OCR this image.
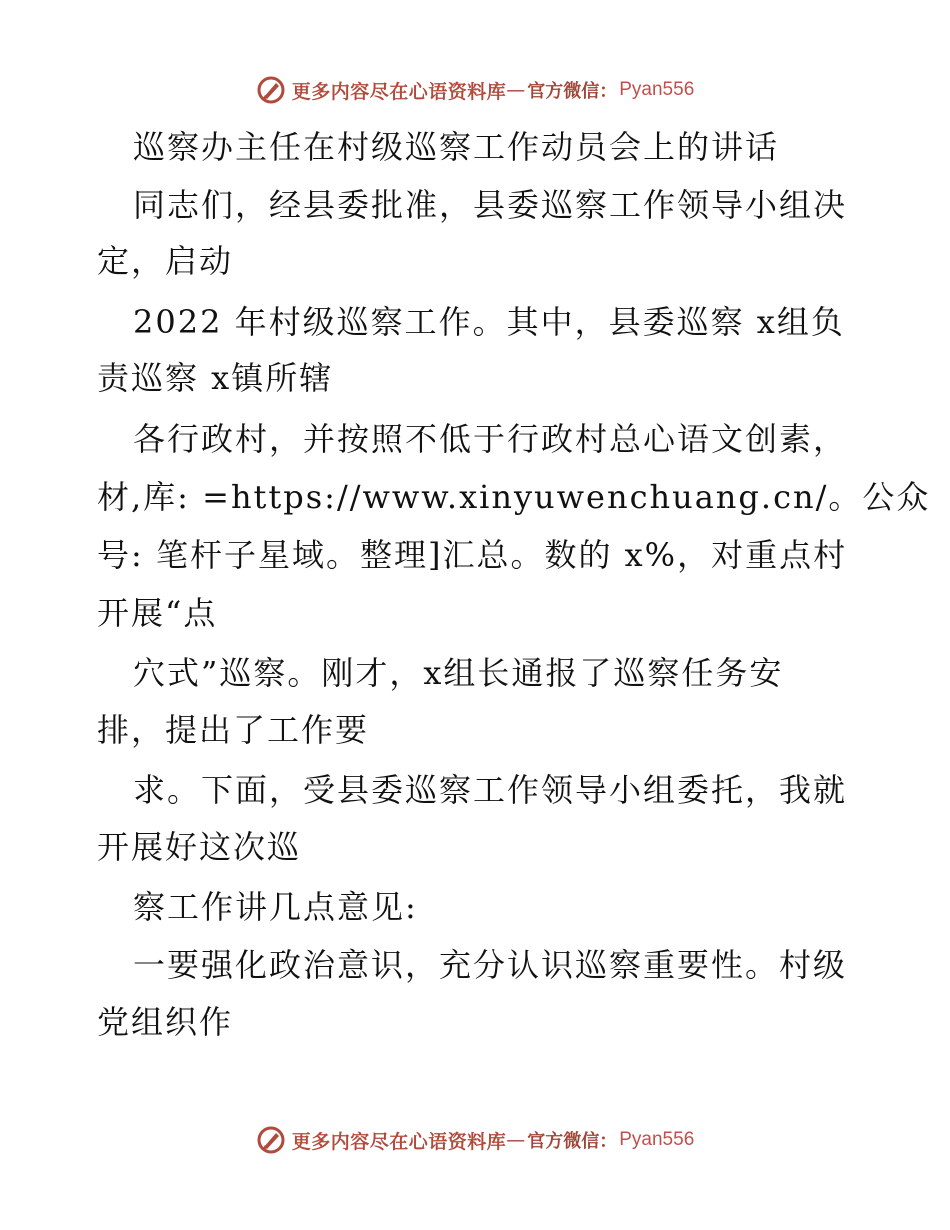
更多内容尽在心语资料库 — 官方微信： Pyan556
巡察办主任在村级巡察工作动员会上的讲话
同志们，经县委批准，县委巡察工作领导小组决
定，启动
2022 年村级巡察工作。其中，县委巡察 x组负
责巡察 x镇所辖
各行政村，并按照不低于行政村总心语文创素，
材,库: =https://www.xinyuwenchuang.cn/。公众
号: 笔杆子星域。整理]汇总。数的 x%，对重点村
开展“点
穴式”巡察。刚才，x组长通报了巡察任务安
排，提出了工作要
求。下面，受县委巡察工作领导小组委托，我就
开展好这次巡
察工作讲几点意见:
一要强化政治意识，充分认识巡察重要性。村级
党组织作
更多内容尽在心语资料库 — 官方微信： Pyan556
